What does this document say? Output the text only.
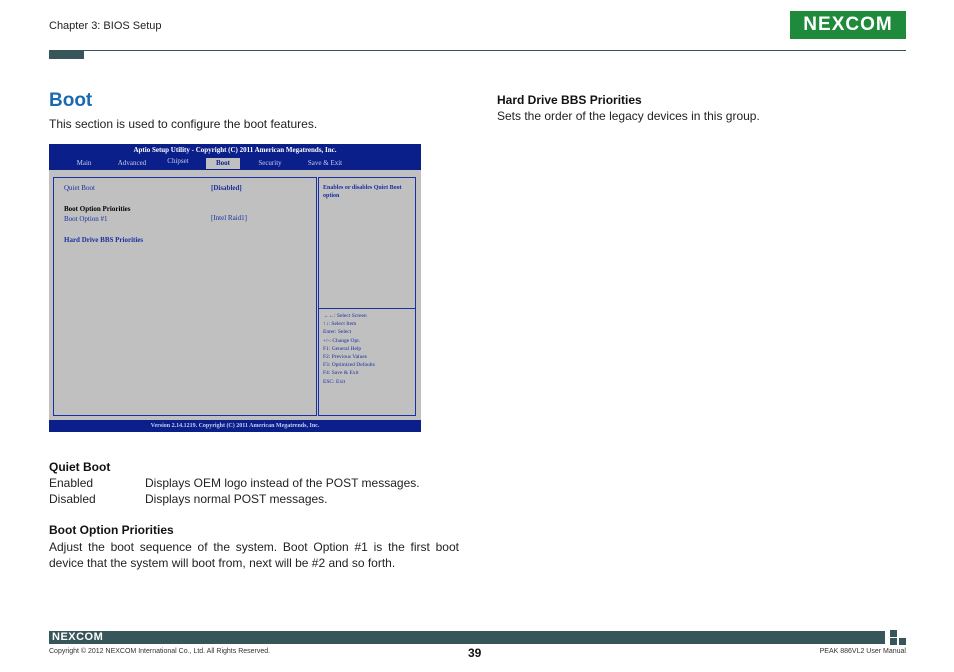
Chapter 3: BIOS Setup	NEXCOM
Boot
This section is used to configure the boot features.
Aptio Setup Utility - Copyright (C) 2011 American Megatrends, Inc.
Main	Advanced	Chipset	Boot	Security	Save & Exit
Quiet Boot	[Disabled]
Boot Option Priorities
Boot Option #1	[Intel Raid1]
Hard Drive BBS Priorities
Enables or disables Quiet Boot option
→←: Select Screen
↑↓: Select Item
Enter: Select
+/-: Change Opt.
F1: General Help
F2: Previous Values
F3: Optimized Defaults
F4: Save & Exit
ESC: Exit
Version 2.14.1219. Copyright (C) 2011 American Megatrends, Inc.
Hard Drive BBS Priorities
Sets the order of the legacy devices in this group.
Quiet Boot
Enabled	Displays OEM logo instead of the POST messages.
Disabled	Displays normal POST messages.
Boot Option Priorities
Adjust the boot sequence of the system. Boot Option #1 is the first boot device that the system will boot from, next will be #2 and so forth.
NEXCOM
Copyright © 2012 NEXCOM International Co., Ltd. All Rights Reserved.	39	PEAK 886VL2 User Manual
